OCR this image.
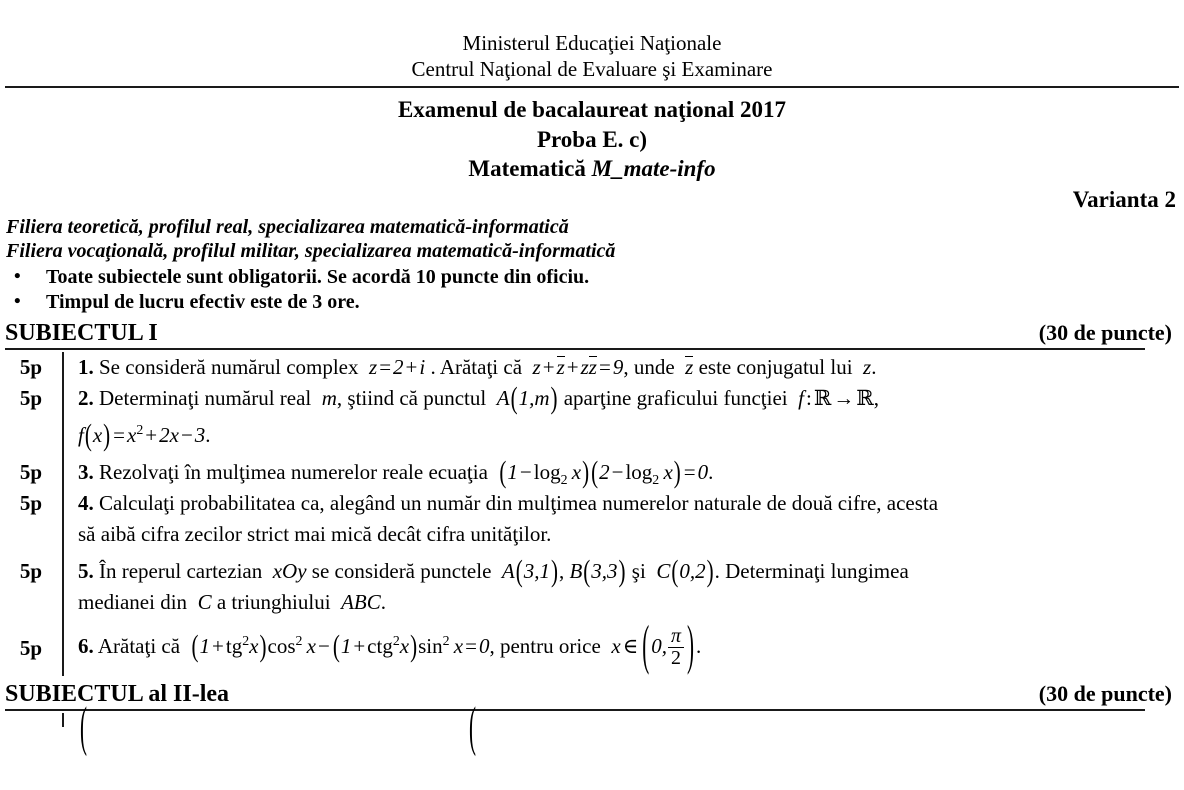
Ministerul Educaţiei Naţionale
Centrul Naţional de Evaluare şi Examinare
Examenul de bacalaureat naţional 2017
Proba E. c)
Matematică M_mate-info
Varianta 2
Filiera teoretică, profilul real, specializarea matematică-informatică
Filiera vocaţională, profilul militar, specializarea matematică-informatică
• Toate subiectele sunt obligatorii. Se acordă 10 puncte din oficiu.
• Timpul de lucru efectiv este de 3 ore.
SUBIECTUL I	(30 de puncte)
5p	1. Se consideră numărul complex z=2+i . Arătaţi că z+z+zz=9, unde z este conjugatul lui z.

5p	2. Determinaţi numărul real m, ştiind că punctul A(1,m) aparţine graficului funcţiei f:ℝ→ℝ,

$f(x) =x^2+2x-3$.

5p	3. Rezolvaţi în mulţimea numerelor reale ecuaţia ($1-\log_2$  $x)(2-\log_2$  x) =0.

5p	4. Calculaţi probabilitatea ca, alegând un număr din mulţimea numerelor naturale de două cifre, acesta

să aibă cifra zecilor strict mai mică decât cifra unităţilor.

5p	5. În reperul cartezian xOy se consideră punctele A(3,1), B(3,3) şi C(0,2). Determinaţi lungimea

medianei din C a triunghiului ABC.

5p	6. Arătaţi că $(1+tg^2x)\cos^2$  $x- (1+ctg^2x)\sin^2$  x=0, pentru orice x∈ (0, $\frac{\pi}{2}$ ).

SUBIECTUL al II-lea	(30 de puncte)
(	(
